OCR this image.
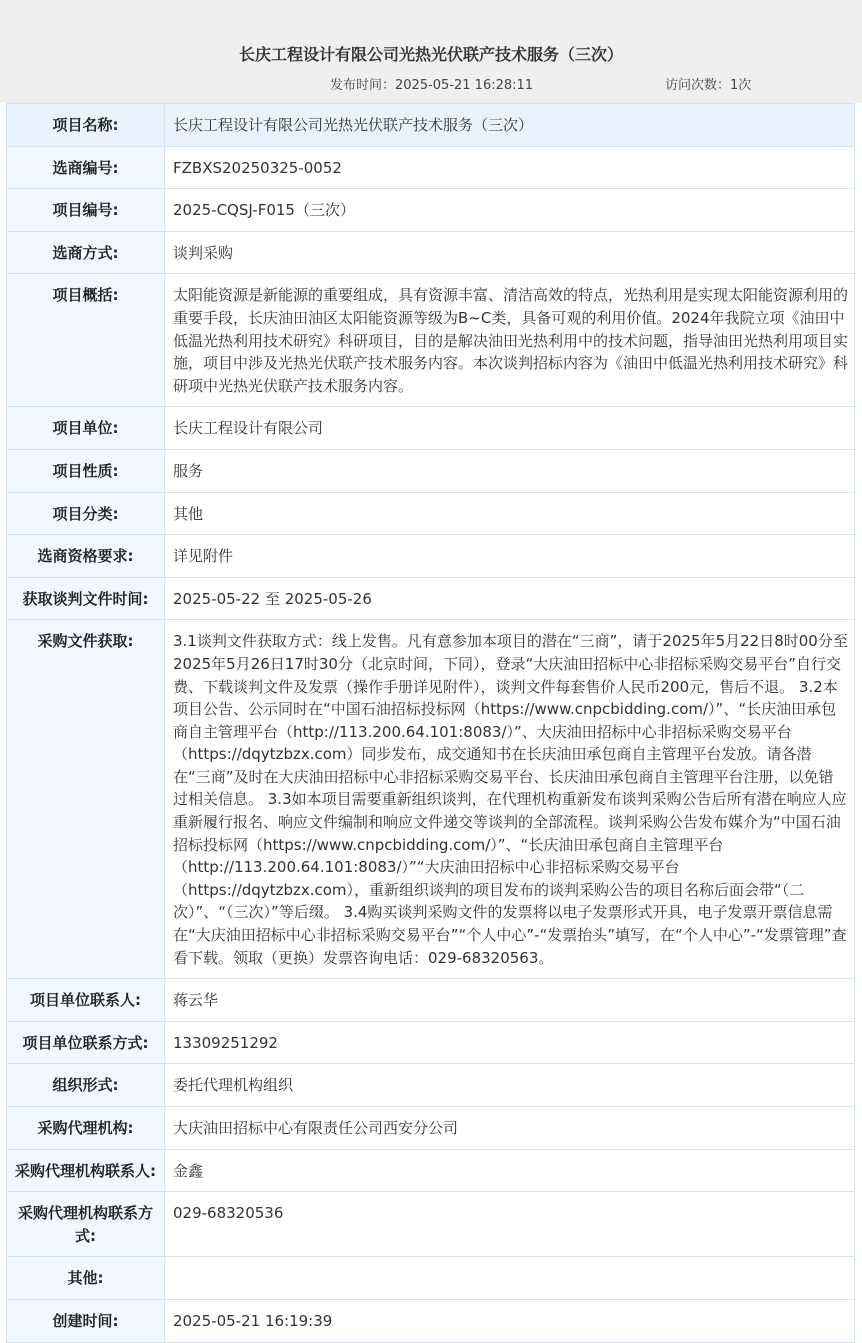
长庆工程设计有限公司光热光伏联产技术服务（三次）
发布时间：2025-05-21 16:28:11	访问次数：1次
项目名称:	长庆工程设计有限公司光热光伏联产技术服务（三次）
选商编号:	FZBXS20250325-0052
项目编号:	2025-CQSJ-F015（三次）
选商方式:	谈判采购
项目概括:	太阳能资源是新能源的重要组成，具有资源丰富、清洁高效的特点，光热利用是实现太阳能资源利用的重要手段，长庆油田油区太阳能资源等级为B~C类，具备可观的利用价值。2024年我院立项《油田中低温光热利用技术研究》科研项目，目的是解决油田光热利用中的技术问题，指导油田光热利用项目实施，项目中涉及光热光伏联产技术服务内容。本次谈判招标内容为《油田中低温光热利用技术研究》科研项中光热光伏联产技术服务内容。
项目单位:	长庆工程设计有限公司
项目性质:	服务
项目分类:	其他
选商资格要求:	详见附件
获取谈判文件时间:	2025-05-22 至 2025-05-26
采购文件获取:	3.1谈判文件获取方式：线上发售。凡有意参加本项目的潜在“三商”，请于2025年5月22日8时00分至2025年5月26日17时30分（北京时间，下同），登录“大庆油田招标中心非招标采购交易平台”自行交费、下载谈判文件及发票（操作手册详见附件），谈判文件每套售价人民币200元，售后不退。 3.2本项目公告、公示同时在“中国石油招标投标网（https://www.cnpcbidding.com/）”、“长庆油田承包商自主管理平台（http://113.200.64.101:8083/）”、大庆油田招标中心非招标采购交易平台（https://dqytzbzx.com）同步发布，成交通知书在长庆油田承包商自主管理平台发放。请各潜在“三商”及时在大庆油田招标中心非招标采购交易平台、长庆油田承包商自主管理平台注册，以免错过相关信息。 3.3如本项目需要重新组织谈判，在代理机构重新发布谈判采购公告后所有潜在响应人应重新履行报名、响应文件编制和响应文件递交等谈判的全部流程。谈判采购公告发布媒介为“中国石油招标投标网（https://www.cnpcbidding.com/）”、“长庆油田承包商自主管理平台（http://113.200.64.101:8083/）”“大庆油田招标中心非招标采购交易平台（https://dqytzbzx.com），重新组织谈判的项目发布的谈判采购公告的项目名称后面会带“（二次）”、“（三次）”等后缀。 3.4购买谈判采购文件的发票将以电子发票形式开具，电子发票开票信息需在“大庆油田招标中心非招标采购交易平台”“个人中心”-“发票抬头”填写，在“个人中心”-“发票管理”查看下载。领取（更换）发票咨询电话：029-68320563。
项目单位联系人:	蒋云华
项目单位联系方式:	13309251292
组织形式:	委托代理机构组织
采购代理机构:	大庆油田招标中心有限责任公司西安分公司
采购代理机构联系人:	金鑫
采购代理机构联系方式:	029-68320536
其他:	
创建时间:	2025-05-21 16:19:39
